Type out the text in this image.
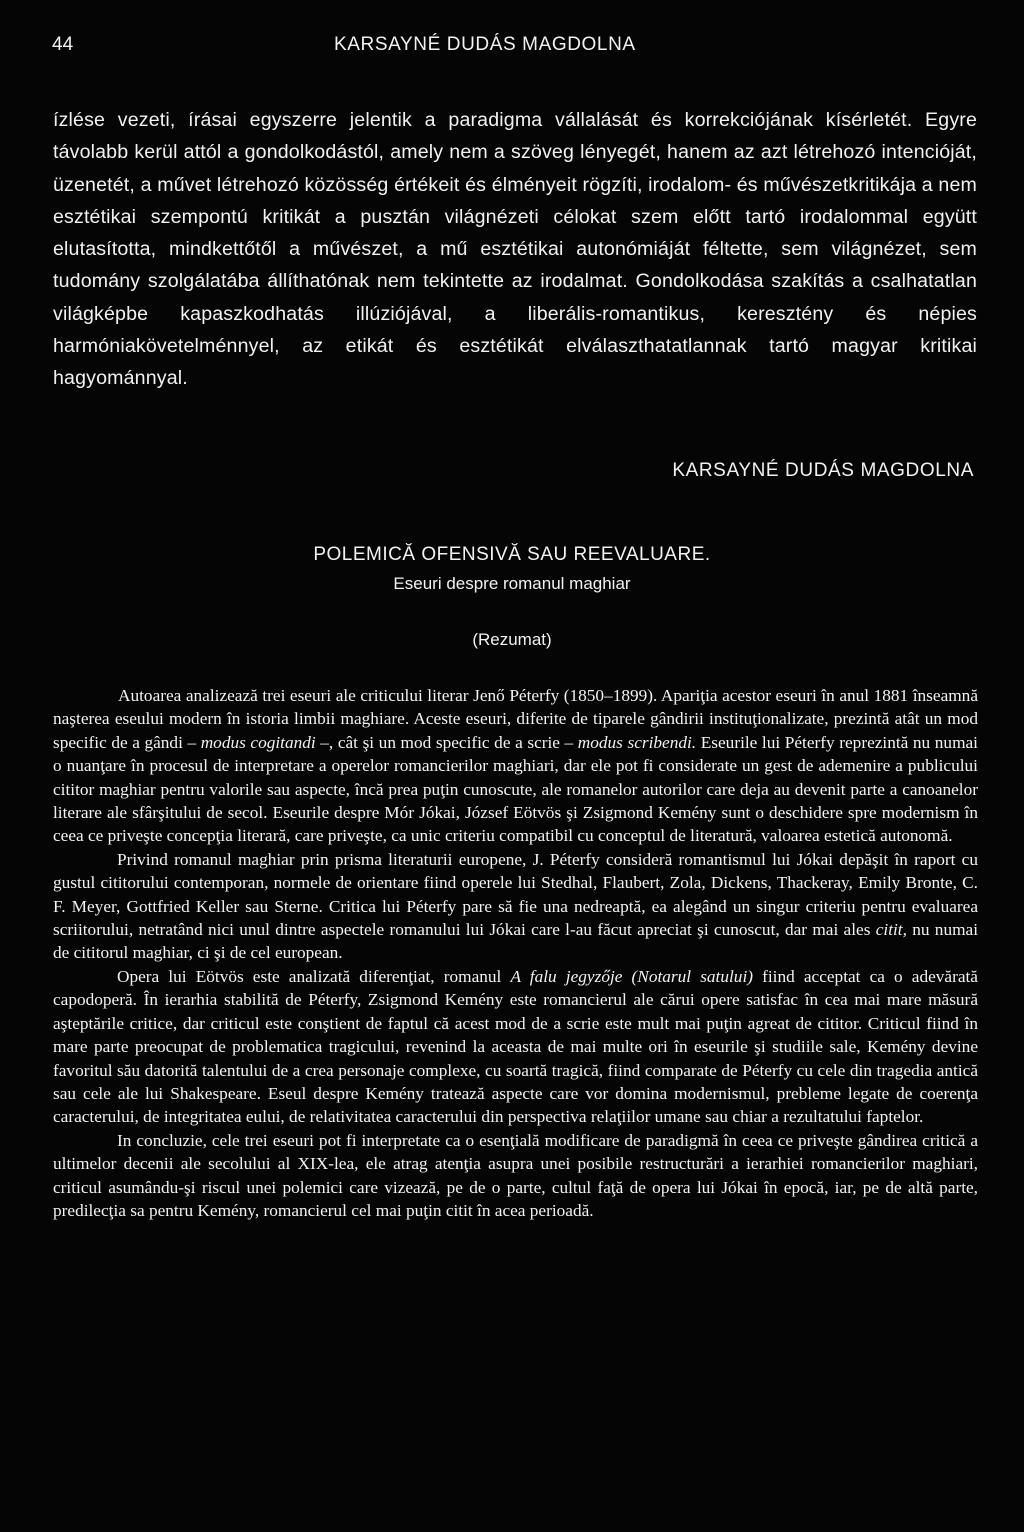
44	KARSAYNÉ DUDÁS MAGDOLNA
ízlése vezeti, írásai egyszerre jelentik a paradigma vállalását és korrekciójának kísérletét. Egyre távolabb kerül attól a gondolkodástól, amely nem a szöveg lényegét, hanem az azt létrehozó intencióját, üzenetét, a művet létrehozó közösség értékeit és élményeit rögzíti, irodalom- és művészetkritikája a nem esztétikai szempontú kritikát a pusztán világnézeti célokat szem előtt tartó irodalommal együtt elutasította, mindkettőtől a művészet, a mű esztétikai autonómiáját féltette, sem világnézet, sem tudomány szolgálatába állíthatónak nem tekintette az irodalmat. Gondolkodása szakítás a csalhatatlan világképbe kapaszkodhatás illúziójával, a liberális-romantikus, keresztény és népies harmóniakövetelménnyel, az etikát és esztétikát elválaszthatatlannak tartó magyar kritikai hagyománnyal.
KARSAYNÉ DUDÁS MAGDOLNA
POLEMICĂ OFENSIVĂ SAU REEVALUARE.
Eseuri despre romanul maghiar
(Rezumat)

Autoarea analizează trei eseuri ale criticului literar Jenő Péterfy (1850–1899). Apariţia acestor eseuri în anul 1881 înseamnă naşterea eseului modern în istoria limbii maghiare. Aceste eseuri, diferite de tiparele gândirii instituţionalizate, prezintă atât un mod specific de a gândi – modus cogitandi –, cât şi un mod specific de a scrie – modus scribendi. Eseurile lui Péterfy reprezintă nu numai o nuanţare în procesul de interpretare a operelor romancierilor maghiari, dar ele pot fi considerate un gest de ademenire a publicului cititor maghiar pentru valorile sau aspecte, încă prea puţin cunoscute, ale romanelor autorilor care deja au devenit parte a canoanelor literare ale sfârşitului de secol. Eseurile despre Mór Jókai, József Eötvös şi Zsigmond Kemény sunt o deschidere spre modernism în ceea ce priveşte concepţia literară, care priveşte, ca unic criteriu compatibil cu conceptul de literatură, valoarea estetică autonomă.

Privind romanul maghiar prin prisma literaturii europene, J. Péterfy consideră romantismul lui Jókai depăşit în raport cu gustul cititorului contemporan, normele de orientare fiind operele lui Stedhal, Flaubert, Zola, Dickens, Thackeray, Emily Bronte, C. F. Meyer, Gottfried Keller sau Sterne. Critica lui Péterfy pare să fie una nedreaptă, ea alegând un singur criteriu pentru evaluarea scriitorului, netratând nici unul dintre aspectele romanului lui Jókai care l-au făcut apreciat şi cunoscut, dar mai ales citit, nu numai de cititorul maghiar, ci şi de cel european.

Opera lui Eötvös este analizată diferenţiat, romanul A falu jegyzője (Notarul satului) fiind acceptat ca o adevărată capodoperă. În ierarhia stabilită de Péterfy, Zsigmond Kemény este romancierul ale cărui opere satisfac în cea mai mare măsură aşteptările critice, dar criticul este conştient de faptul că acest mod de a scrie este mult mai puţin agreat de cititor. Criticul fiind în mare parte preocupat de problematica tragicului, revenind la aceasta de mai multe ori în eseurile şi studiile sale, Kemény devine favoritul său datorită talentului de a crea personaje complexe, cu soartă tragică, fiind comparate de Péterfy cu cele din tragedia antică sau cele ale lui Shakespeare. Eseul despre Kemény tratează aspecte care vor domina modernismul, prebleme legate de coerenţa caracterului, de integritatea eului, de relativitatea caracterului din perspectiva relaţiilor umane sau chiar a rezultatului faptelor.

In concluzie, cele trei eseuri pot fi interpretate ca o esenţială modificare de paradigmă în ceea ce priveşte gândirea critică a ultimelor decenii ale secolului al XIX-lea, ele atrag atenţia asupra unei posibile restructurări a ierarhiei romancierilor maghiari, criticul asumându-şi riscul unei polemici care vizează, pe de o parte, cultul faţă de opera lui Jókai în epocă, iar, pe de altă parte, predilecţia sa pentru Kemény, romancierul cel mai puţin citit în acea perioadă.
